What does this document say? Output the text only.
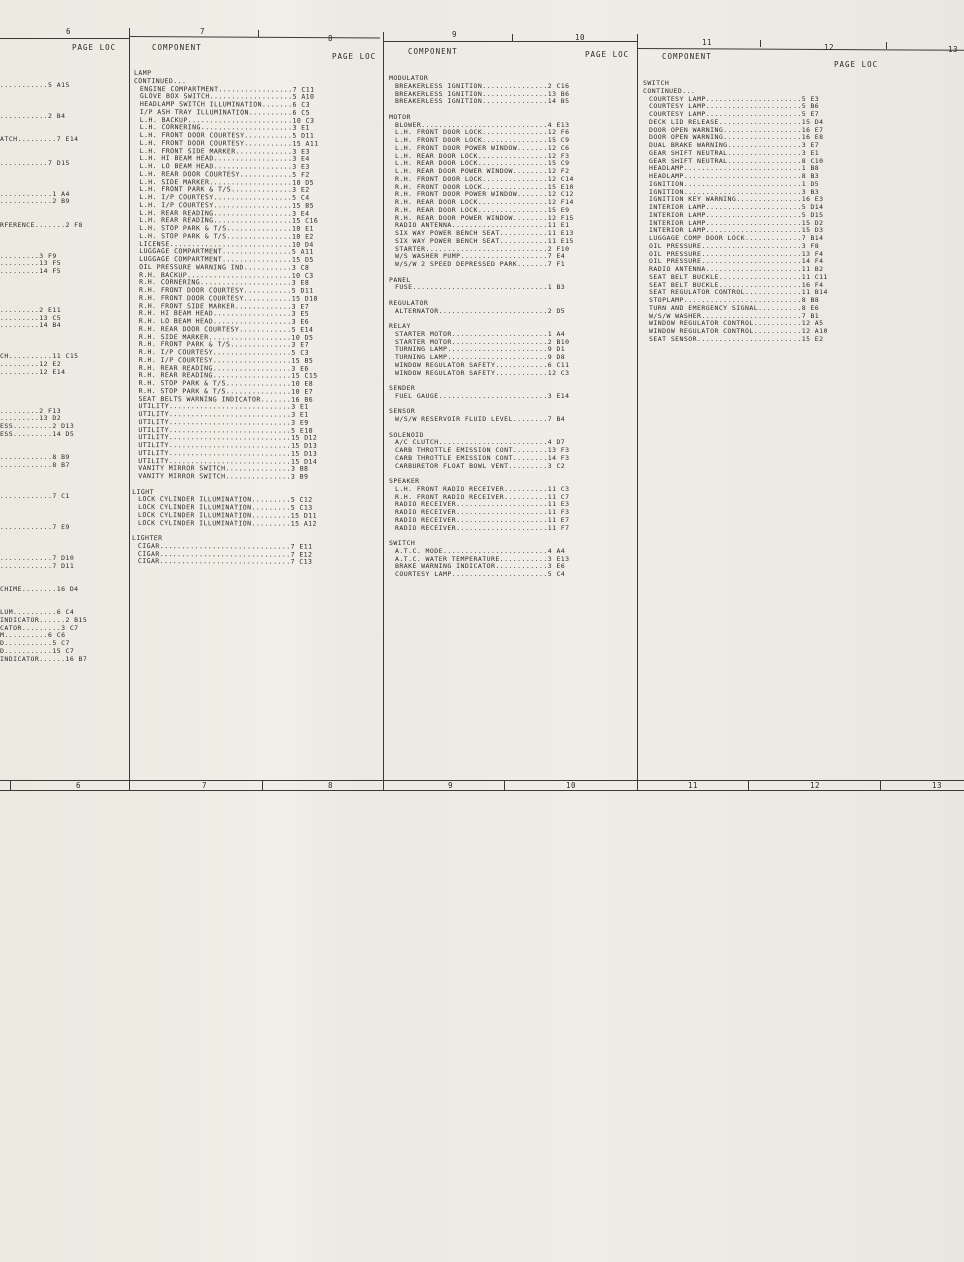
6	7
8	9	10
11
12	13
6	7	8	9	10	11	12	13
PAGE LOC	COMPONENT
PAGE LOC
COMPONENT	PAGE LOC	COMPONENT
PAGE LOC
...........5 A15

...........2 B4

ATCH.........7 E14

...........7 D15

............1 A4
............2 B9

RFERENCE.......2 F8

.........3 F9
.........13 F5
.........14 F5

.........2 E11
.........13 C5
.........14 B4

CH..........11 C15
.........12 E2
.........12 E14

.........2 F13
.........13 D2
ESS.........2 D13
ESS.........14 D5

............8 B9
............8 B7

............7 C1

............7 E9

............7 D10
............7 D11

CHIME........16 D4

LUM..........6 C4
INDICATOR......2 B15
CATOR.........3 C7
M..........6 C6
D...........5 C7
D...........15 C7
INDICATOR......16 B7
LAMP
CONTINUED...
ENGINE COMPARTMENT.................7 C11
GLOVE BOX SWITCH...................5 A10
HEADLAMP SWITCH ILLUMINATION.......6 C3
I/P ASH TRAY ILLUMINATION..........6 C5
L.H. BACKUP........................10 C3
L.H. CORNERING.....................3 E1
L.H. FRONT DOOR COURTESY...........5 D11
L.H. FRONT DOOR COURTESY...........15 A11
L.H. FRONT SIDE MARKER.............3 E3
L.H. HI BEAM HEAD..................3 E4
L.H. LO BEAM HEAD..................3 E3
L.H. REAR DOOR COURTESY............5 F2
L.H. SIDE MARKER...................10 D5
L.H. FRONT PARK & T/S..............3 E2
L.H. I/P COURTESY..................5 C4
L.H. I/P COURTESY..................15 B5
L.H. REAR READING..................3 E4
L.H. REAR READING..................15 C16
L.H. STOP PARK & T/S...............10 E1
L.H. STOP PARK & T/S...............10 E2
LICENSE............................10 D4
LUGGAGE COMPARTMENT................5 A11
LUGGAGE COMPARTMENT................15 D5
OIL PRESSURE WARNING IND...........3 C8
R.H. BACKUP........................10 C3
R.H. CORNERING.....................3 E8
R.H. FRONT DOOR COURTESY...........5 D11
R.H. FRONT DOOR COURTESY...........15 D10
R.H. FRONT SIDE MARKER.............3 E7
R.H. HI BEAM HEAD..................3 E5
R.H. LO BEAM HEAD..................3 E6
R.H. REAR DOOR COURTESY............5 E14
R.H. SIDE MARKER...................10 D5
R.H. FRONT PARK & T/S..............3 E7
R.H. I/P COURTESY..................5 C3
R.H. I/P COURTESY..................15 B5
R.H. REAR READING..................3 E6
R.H. REAR READING..................15 C15
R.H. STOP PARK & T/S...............10 E8
R.H. STOP PARK & T/S...............10 E7
SEAT BELTS WARNING INDICATOR.......16 B6
UTILITY............................3 E1
UTILITY............................3 E1
UTILITY............................3 E9
UTILITY............................5 E10
UTILITY............................15 D12
UTILITY............................15 D13
UTILITY............................15 D13
UTILITY............................15 D14
VANITY MIRROR SWITCH...............3 B8
VANITY MIRROR SWITCH...............3 B9
LIGHT
LOCK CYLINDER ILLUMINATION.........5 C12
LOCK CYLINDER ILLUMINATION.........5 C13
LOCK CYLINDER ILLUMINATION.........15 D11
LOCK CYLINDER ILLUMINATION.........15 A12
LIGHTER
CIGAR..............................7 E11
CIGAR..............................7 E12
CIGAR..............................7 C13
MODULATOR
BREAKERLESS IGNITION...............2 C16
BREAKERLESS IGNITION...............13 B6
BREAKERLESS IGNITION...............14 B5
MOTOR
BLOWER.............................4 E13
L.H. FRONT DOOR LOCK...............12 F6
L.H. FRONT DOOR LOCK...............15 C9
L.H. FRONT DOOR POWER WINDOW.......12 C6
L.H. REAR DOOR LOCK................12 F3
L.H. REAR DOOR LOCK................15 C9
L.H. REAR DOOR POWER WINDOW........12 F2
R.H. FRONT DOOR LOCK...............12 C14
R.H. FRONT DOOR LOCK...............15 E10
R.H. FRONT DOOR POWER WINDOW.......12 C12
R.H. REAR DOOR LOCK................12 F14
R.H. REAR DOOR LOCK................15 E9
R.H. REAR DOOR POWER WINDOW........12 F15
RADIO ANTENNA......................11 E1
SIX WAY POWER BENCH SEAT...........11 E13
SIX WAY POWER BENCH SEAT...........11 E15
STARTER............................2 F10
W/S WASHER PUMP....................7 E4
W/S/W 2 SPEED DEPRESSED PARK.......7 F1
PANEL
FUSE...............................1 B3
REGULATOR
ALTERNATOR.........................2 D5
RELAY
STARTER MOTOR......................1 A4
STARTER MOTOR......................2 B10
TURNING LAMP.......................9 D1
TURNING LAMP.......................9 D8
WINDOW REGULATOR SAFETY............6 C11
WINDOW REGULATOR SAFETY............12 C3
SENDER
FUEL GAUGE.........................3 E14
SENSOR
W/S/W RESERVOIR FLUID LEVEL........7 B4
SOLENOID
A/C CLUTCH.........................4 D7
CARB THROTTLE EMISSION CONT........13 F3
CARB THROTTLE EMISSION CONT........14 F3
CARBURETOR FLOAT BOWL VENT.........3 C2
SPEAKER
L.H. FRONT RADIO RECEIVER..........11 C3
R.H. FRONT RADIO RECEIVER..........11 C7
RADIO RECEIVER.....................11 E3
RADIO RECEIVER.....................11 F3
RADIO RECEIVER.....................11 E7
RADIO RECEIVER.....................11 F7
SWITCH
A.T.C. MODE........................4 A4
A.T.C. WATER TEMPERATURE...........3 E13
BRAKE WARNING INDICATOR............3 E6
COURTESY LAMP......................5 C4
SWITCH
CONTINUED...
COURTESY LAMP......................5 E3
COURTESY LAMP......................5 B6
COURTESY LAMP......................5 E7
DECK LID RELEASE...................15 D4
DOOR OPEN WARNING..................16 E7
DOOR OPEN WARNING..................16 E8
DUAL BRAKE WARNING.................3 E7
GEAR SHIFT NEUTRAL.................3 E1
GEAR SHIFT NEUTRAL.................8 C10
HEADLAMP...........................1 B8
HEADLAMP...........................8 B3
IGNITION...........................1 D5
IGNITION...........................3 B3
IGNITION KEY WARNING...............16 E3
INTERIOR LAMP......................5 D14
INTERIOR LAMP......................5 D15
INTERIOR LAMP......................15 D2
INTERIOR LAMP......................15 D3
LUGGAGE COMP DOOR LOCK.............7 B14
OIL PRESSURE.......................3 F8
OIL PRESSURE.......................13 F4
OIL PRESSURE.......................14 F4
RADIO ANTENNA......................11 B2
SEAT BELT BUCKLE...................11 C11
SEAT BELT BUCKLE...................16 F4
SEAT REGULATOR CONTROL.............11 B14
STOPLAMP...........................8 B8
TURN AND EMERGENCY SIGNAL..........8 E6
W/S/W WASHER.......................7 B1
WINDOW REGULATOR CONTROL...........12 A5
WINDOW REGULATOR CONTROL...........12 A10
SEAT SENSOR........................15 E2
